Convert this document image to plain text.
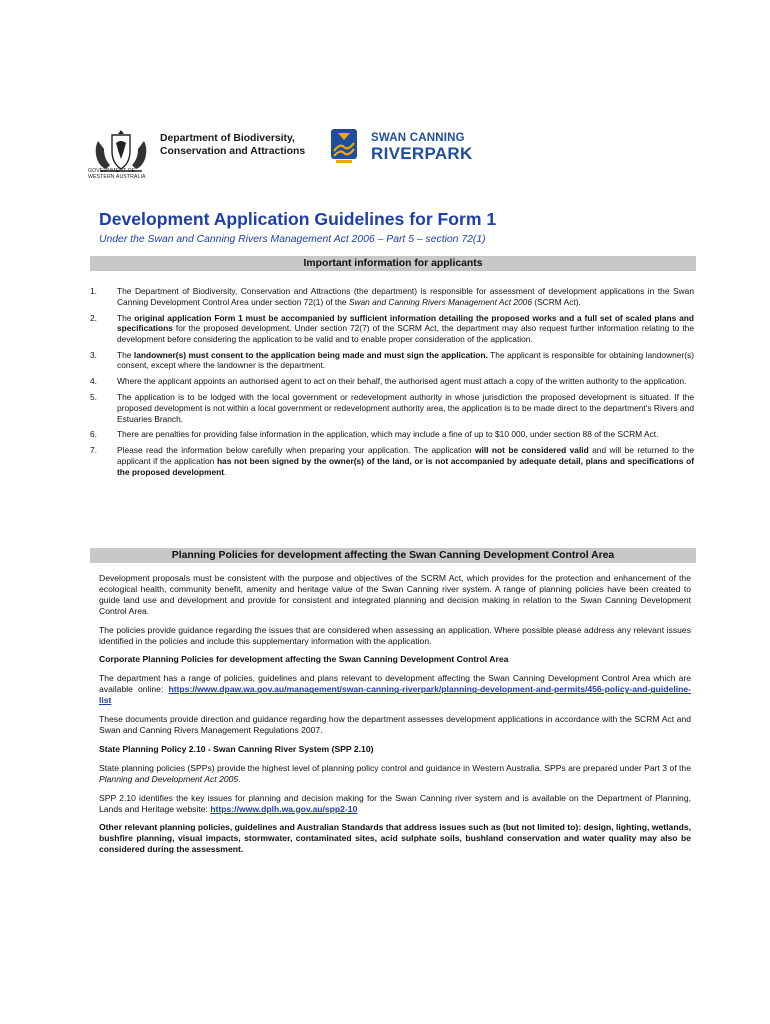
GOVERNMENT OF
WESTERN AUSTRALIA
Department of Biodiversity,
Conservation and Attractions
SWAN CANNING
RIVERPARK
Development Application Guidelines for Form 1

Under the Swan and Canning Rivers Management Act 2006 – Part 5 – section 72(1)

Important information for applicants
1. The Department of Biodiversity, Conservation and Attractions (the department) is responsible for assessment of development applications in the Swan Canning Development Control Area under section 72(1) of the Swan and Canning Rivers Management Act 2006 (SCRM Act).
2. The original application Form 1 must be accompanied by sufficient information detailing the proposed works and a full set of scaled plans and specifications for the proposed development. Under section 72(7) of the SCRM Act, the department may also request further information relating to the development before considering the application to be valid and to enable proper consideration of the application.
3. The landowner(s) must consent to the application being made and must sign the application. The applicant is responsible for obtaining landowner(s) consent, except where the landowner is the department.
4. Where the applicant appoints an authorised agent to act on their behalf, the authorised agent must attach a copy of the written authority to the application.
5. The application is to be lodged with the local government or redevelopment authority in whose jurisdiction the proposed development is situated. If the proposed development is not within a local government or redevelopment authority area, the application is to be made direct to the department's Rivers and Estuaries Branch.
6. There are penalties for providing false information in the application, which may include a fine of up to $10 000, under section 88 of the SCRM Act.
7. Please read the information below carefully when preparing your application. The application will not be considered valid and will be returned to the applicant if the application has not been signed by the owner(s) of the land, or is not accompanied by adequate detail, plans and specifications of the proposed development.
Planning Policies for development affecting the Swan Canning Development Control Area

Development proposals must be consistent with the purpose and objectives of the SCRM Act, which provides for the protection and enhancement of the ecological health, community benefit, amenity and heritage value of the Swan Canning river system. A range of planning policies have been created to guide land use and development and provide for consistent and integrated planning and decision making in relation to the Swan Canning Development Control Area.

The policies provide guidance regarding the issues that are considered when assessing an application. Where possible please address any relevant issues identified in the policies and include this supplementary information with the application.

Corporate Planning Policies for development affecting the Swan Canning Development Control Area

The department has a range of policies, guidelines and plans relevant to development affecting the Swan Canning Development Control Area which are available online: https://www.dpaw.wa.gov.au/management/swan-canning-riverpark/planning-development-and-permits/456-policy-and-guideline-list

These documents provide direction and guidance regarding how the department assesses development applications in accordance with the SCRM Act and Swan and Canning Rivers Management Regulations 2007.

State Planning Policy 2.10 - Swan Canning River System (SPP 2.10)

State planning policies (SPPs) provide the highest level of planning policy control and guidance in Western Australia. SPPs are prepared under Part 3 of the Planning and Development Act 2005.

SPP 2.10 identifies the key issues for planning and decision making for the Swan Canning river system and is available on the Department of Planning, Lands and Heritage website: https://www.dplh.wa.gov.au/spp2-10

Other relevant planning policies, guidelines and Australian Standards that address issues such as (but not limited to): design, lighting, wetlands, bushfire planning, visual impacts, stormwater, contaminated sites, acid sulphate soils, bushland conservation and water quality may also be considered during the assessment.
